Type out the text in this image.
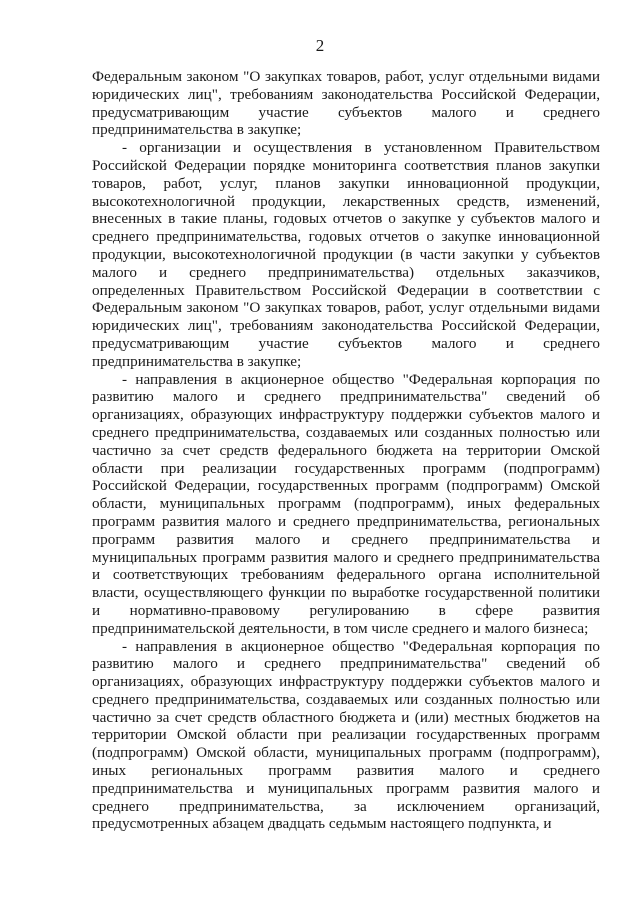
2

Федеральным законом "О закупках товаров, работ, услуг отдельными видами юридических лиц", требованиям законодательства Российской Федерации, предусматривающим участие субъектов малого и среднего предпринимательства в закупке;

- организации и осуществления в установленном Правительством Российской Федерации порядке мониторинга соответствия планов закупки товаров, работ, услуг, планов закупки инновационной продукции, высокотехнологичной продукции, лекарственных средств, изменений, внесенных в такие планы, годовых отчетов о закупке у субъектов малого и среднего предпринимательства, годовых отчетов о закупке инновационной продукции, высокотехнологичной продукции (в части закупки у субъектов малого и среднего предпринимательства) отдельных заказчиков, определенных Правительством Российской Федерации в соответствии с Федеральным законом "О закупках товаров, работ, услуг отдельными видами юридических лиц", требованиям законодательства Российской Федерации, предусматривающим участие субъектов малого и среднего предпринимательства в закупке;

- направления в акционерное общество "Федеральная корпорация по развитию малого и среднего предпринимательства" сведений об организациях, образующих инфраструктуру поддержки субъектов малого и среднего предпринимательства, создаваемых или созданных полностью или частично за счет средств федерального бюджета на территории Омской области при реализации государственных программ (подпрограмм) Российской Федерации, государственных программ (подпрограмм) Омской области, муниципальных программ (подпрограмм), иных федеральных программ развития малого и среднего предпринимательства, региональных программ развития малого и среднего предпринимательства и муниципальных программ развития малого и среднего предпринимательства и соответствующих требованиям федерального органа исполнительной власти, осуществляющего функции по выработке государственной политики и нормативно-правовому регулированию в сфере развития предпринимательской деятельности, в том числе среднего и малого бизнеса;

- направления в акционерное общество "Федеральная корпорация по развитию малого и среднего предпринимательства" сведений об организациях, образующих инфраструктуру поддержки субъектов малого и среднего предпринимательства, создаваемых или созданных полностью или частично за счет средств областного бюджета и (или) местных бюджетов на территории Омской области при реализации государственных программ (подпрограмм) Омской области, муниципальных программ (подпрограмм), иных региональных программ развития малого и среднего предпринимательства и муниципальных программ развития малого и среднего предпринимательства, за исключением организаций, предусмотренных абзацем двадцать седьмым настоящего подпункта, и
